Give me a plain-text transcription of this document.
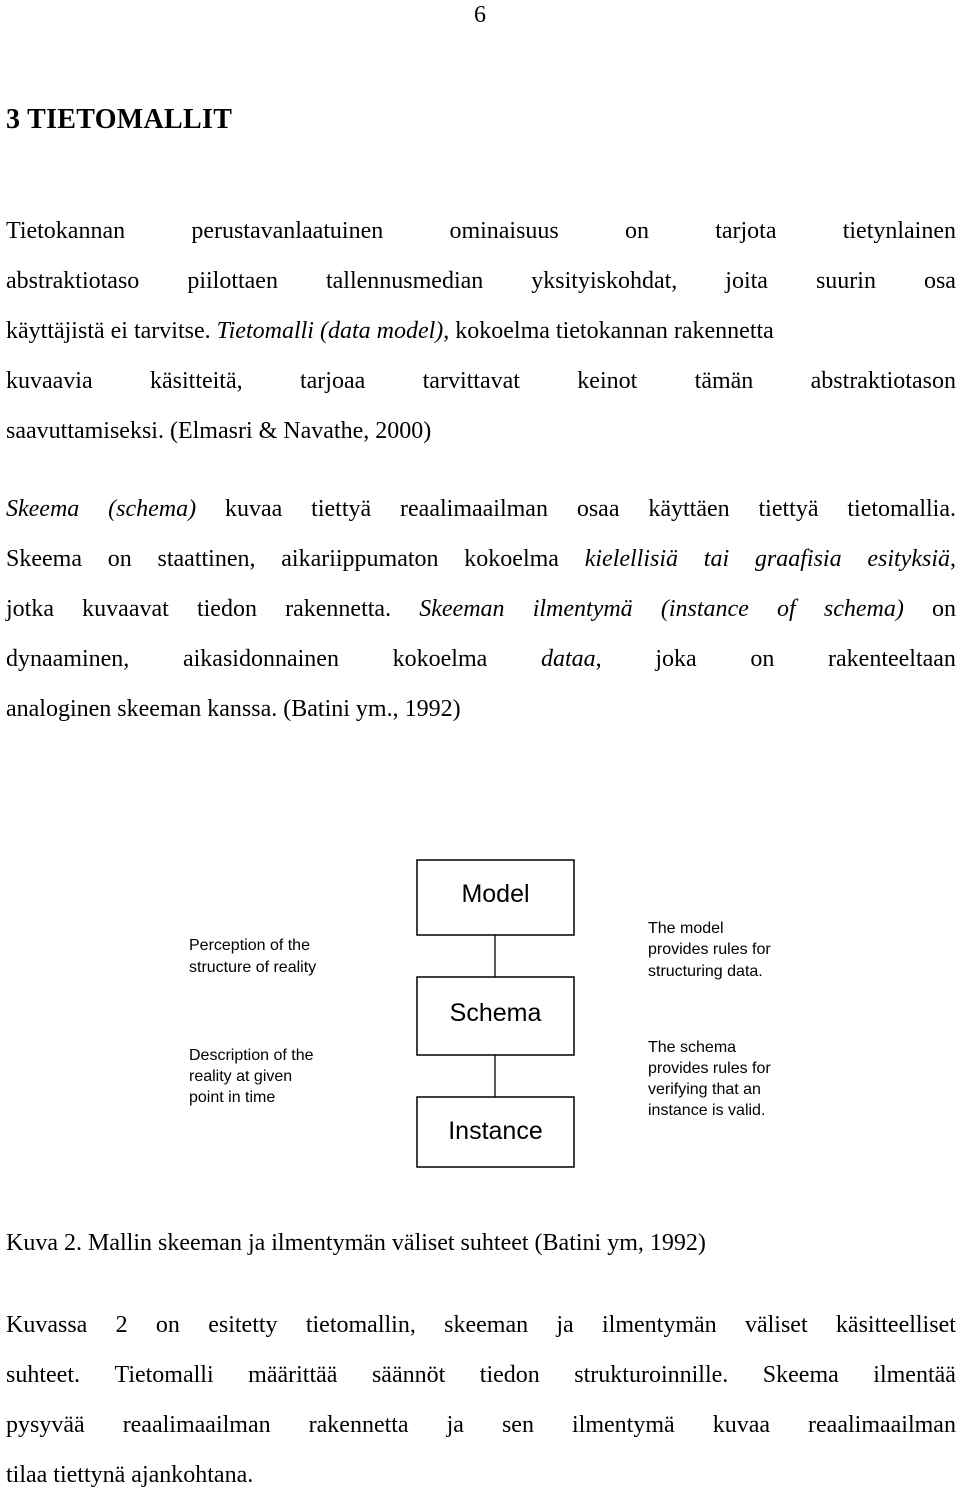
6
3 TIETOMALLIT
Tietokannan	perustavanlaatuinen	ominaisuus	on	tarjota	tietynlainen
abstraktiotaso piilottaen tallennusmedian yksityiskohdat, joita suurin osa
käyttäjistä ei tarvitse. Tietomalli (data model), kokoelma tietokannan rakennetta
kuvaavia käsitteitä, tarjoaa tarvittavat keinot tämän abstraktiotason
saavuttamiseksi. (Elmasri & Navathe, 2000)
Skeema (schema) kuvaa tiettyä reaalimaailman osaa käyttäen tiettyä tietomallia.
Skeema on staattinen, aikariippumaton kokoelma kielellisiä tai graafisia esityksiä,
jotka kuvaavat tiedon rakennetta. Skeeman ilmentymä (instance of schema) on
dynaaminen, aikasidonnainen kokoelma dataa, joka on rakenteeltaan
analoginen skeeman kanssa. (Batini ym., 1992)
Model
Schema
Instance
Perception of the
structure of reality
Description of the
reality at given
point in time
The model
provides rules for
structuring data.
The schema
provides rules for
verifying that an
instance is valid.
Kuva 2. Mallin skeeman ja ilmentymän väliset suhteet (Batini ym, 1992)
Kuvassa 2 on esitetty tietomallin, skeeman ja ilmentymän väliset käsitteelliset
suhteet. Tietomalli määrittää säännöt tiedon strukturoinnille. Skeema ilmentää
pysyvää reaalimaailman rakennetta ja sen ilmentymä kuvaa reaalimaailman
tilaa tiettynä ajankohtana.
